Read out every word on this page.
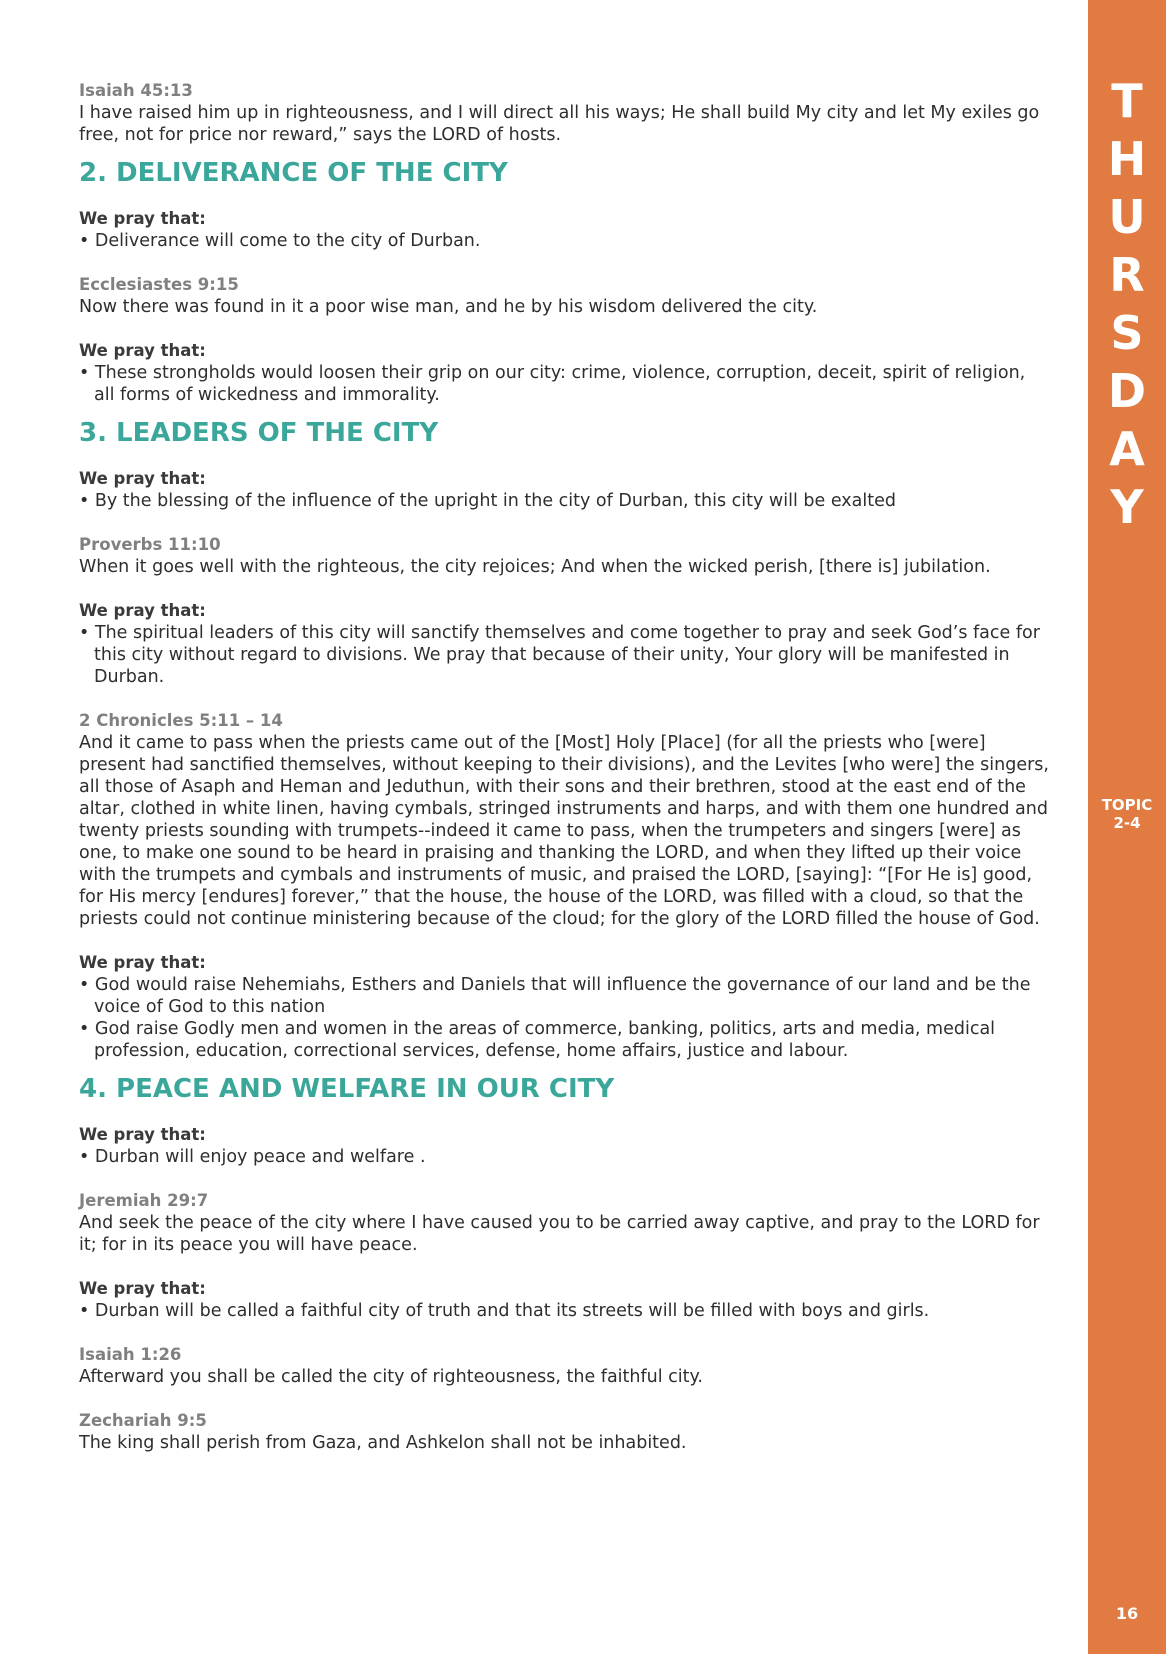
Isaiah 45:13

I have raised him up in righteousness, and I will direct all his ways; He shall build My city and let My exiles go free, not for price nor reward,” says the LORD of hosts.

2. DELIVERANCE OF THE CITY

We pray that:

• Deliverance will come to the city of Durban.

Ecclesiastes 9:15

Now there was found in it a poor wise man, and he by his wisdom delivered the city.

We pray that:

• These strongholds would loosen their grip on our city: crime, violence, corruption, deceit, spirit of religion, all forms of wickedness and immorality.

3. LEADERS OF THE CITY

We pray that:

• By the blessing of the influence of the upright in the city of Durban, this city will be exalted

Proverbs 11:10

When it goes well with the righteous, the city rejoices; And when the wicked perish, [there is] jubilation.

We pray that:

• The spiritual leaders of this city will sanctify themselves and come together to pray and seek God’s face for this city without regard to divisions. We pray that because of their unity, Your glory will be manifested in Durban.

2 Chronicles 5:11 – 14

And it came to pass when the priests came out of the [Most] Holy [Place] (for all the priests who [were] present had sanctified themselves, without keeping to their divisions), and the Levites [who were] the singers, all those of Asaph and Heman and Jeduthun, with their sons and their brethren, stood at the east end of the altar, clothed in white linen, having cymbals, stringed instruments and harps, and with them one hundred and twenty priests sounding with trumpets--indeed it came to pass, when the trumpeters and singers [were] as one, to make one sound to be heard in praising and thanking the LORD, and when they lifted up their voice with the trumpets and cymbals and instruments of music, and praised the LORD, [saying]: “[For He is] good, for His mercy [endures] forever,” that the house, the house of the LORD, was filled with a cloud, so that the priests could not continue ministering because of the cloud; for the glory of the LORD filled the house of God.

We pray that:

• God would raise Nehemiahs, Esthers and Daniels that will influence the governance of our land and be the voice of God to this nation

• God raise Godly men and women in the areas of commerce, banking, politics, arts and media, medical profession, education, correctional services, defense, home affairs, justice and labour.

4. PEACE AND WELFARE IN OUR CITY

We pray that:

• Durban will enjoy peace and welfare .

Jeremiah 29:7

And seek the peace of the city where I have caused you to be carried away captive, and pray to the LORD for it; for in its peace you will have peace.

We pray that:

• Durban will be called a faithful city of truth and that its streets will be filled with boys and girls.

Isaiah 1:26

Afterward you shall be called the city of righteousness, the faithful city.

Zechariah 9:5

The king shall perish from Gaza, and Ashkelon shall not be inhabited.

T
H
U
R
S
D
A
Y
TOPIC
2-4
16
